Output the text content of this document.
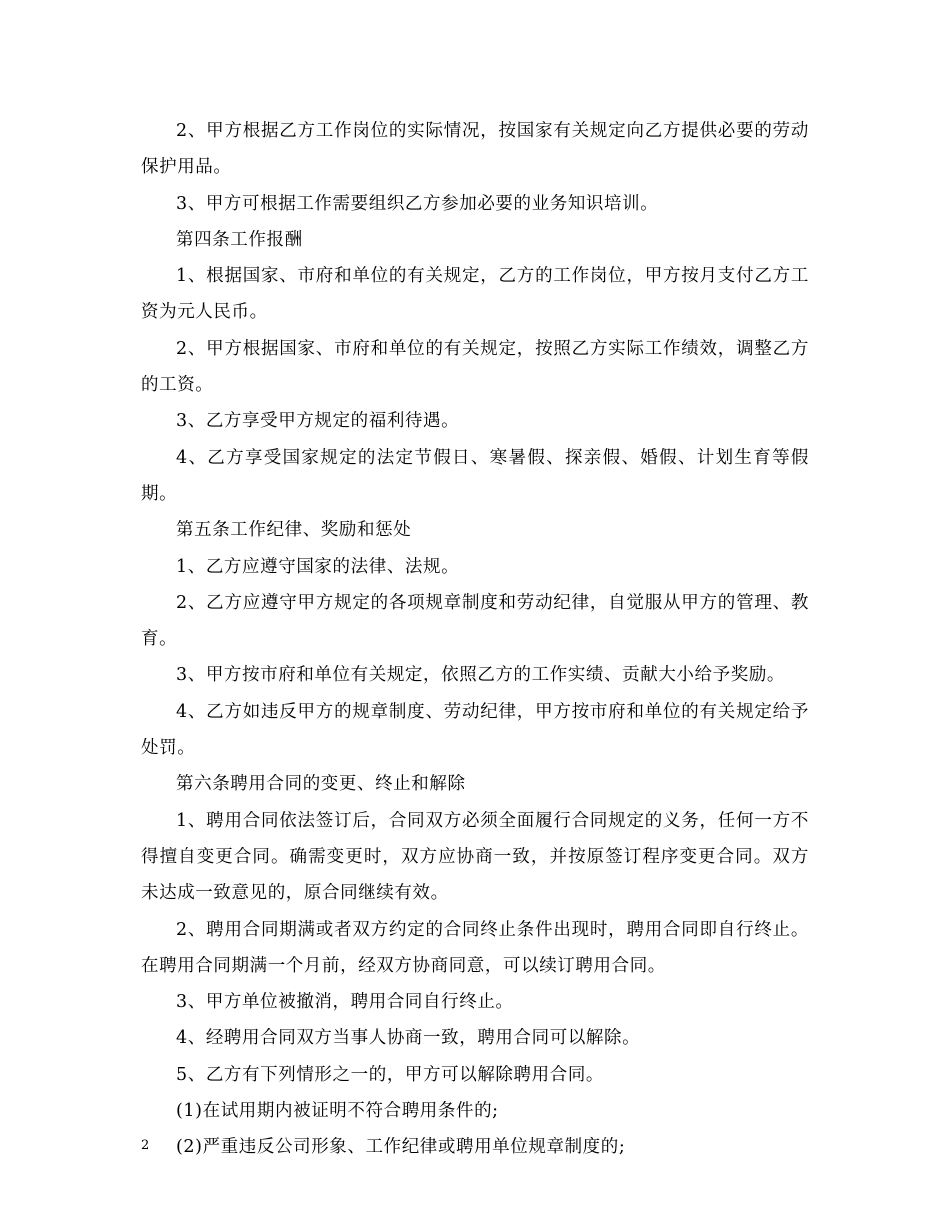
2、甲方根据乙方工作岗位的实际情况，按国家有关规定向乙方提供必要的劳动保护用品。

3、甲方可根据工作需要组织乙方参加必要的业务知识培训。

第四条工作报酬

1、根据国家、市府和单位的有关规定，乙方的工作岗位，甲方按月支付乙方工资为元人民币。

2、甲方根据国家、市府和单位的有关规定，按照乙方实际工作绩效，调整乙方的工资。

3、乙方享受甲方规定的福利待遇。

4、乙方享受国家规定的法定节假日、寒暑假、探亲假、婚假、计划生育等假期。

第五条工作纪律、奖励和惩处

1、乙方应遵守国家的法律、法规。

2、乙方应遵守甲方规定的各项规章制度和劳动纪律，自觉服从甲方的管理、教育。

3、甲方按市府和单位有关规定，依照乙方的工作实绩、贡献大小给予奖励。

4、乙方如违反甲方的规章制度、劳动纪律，甲方按市府和单位的有关规定给予处罚。

第六条聘用合同的变更、终止和解除

1、聘用合同依法签订后，合同双方必须全面履行合同规定的义务，任何一方不得擅自变更合同。确需变更时，双方应协商一致，并按原签订程序变更合同。双方未达成一致意见的，原合同继续有效。

2、聘用合同期满或者双方约定的合同终止条件出现时，聘用合同即自行终止。在聘用合同期满一个月前，经双方协商同意，可以续订聘用合同。

3、甲方单位被撤消，聘用合同自行终止。

4、经聘用合同双方当事人协商一致，聘用合同可以解除。

5、乙方有下列情形之一的，甲方可以解除聘用合同。

(1)在试用期内被证明不符合聘用条件的;

(2)严重违反公司形象、工作纪律或聘用单位规章制度的;

2
